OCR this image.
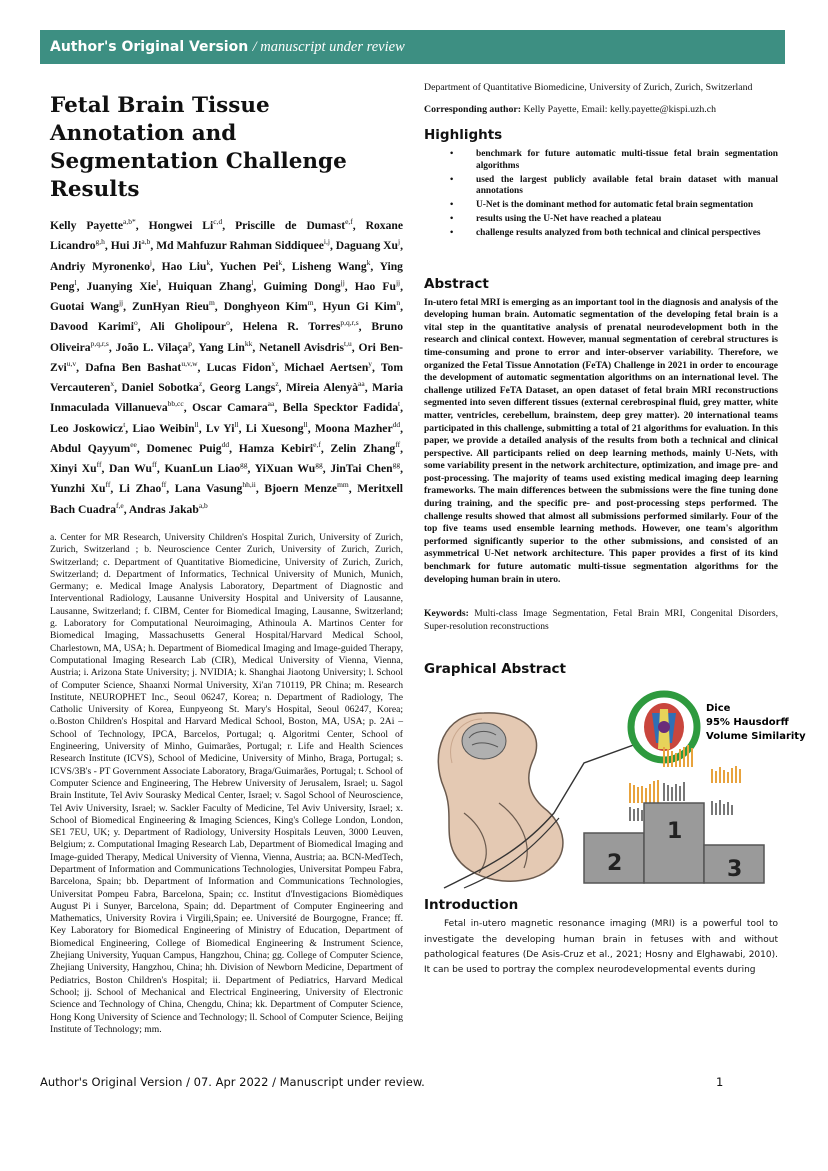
Author's Original Version / manuscript under review
Fetal Brain Tissue Annotation and Segmentation Challenge Results

Kelly Payette$^{a,b*}$, Hongwei Li$^{c,d}$, Priscille de Dumast$^{e,f}$, Roxane Licandro$^{g,h}$, Hui Ji$^{a,b}$, Md Mahfuzur Rahman Siddiquee$^{i,j}$, Daguang Xu$^j$, Andriy Myronenko$^j$, Hao Liu$^k$, Yuchen Pei$^k$, Lisheng Wang$^k$, Ying Peng$^l$, Juanying Xie$^l$, Huiquan Zhang$^l$, Guiming Dong$^{jj}$, Hao $Fu^{jj}$, Guotai Wang$^{jj}$, ZunHyan Rieu$^m$, Donghyeon Kim$^m$, Hyun Gi Kim$^n$, Davood Karimi$^o$, Ali Gholipour$^o$, Helena R. Torres$^{p,q,r,s}$, Bruno Oliveira$^{p,q,r,s}$, João L. Vilaça$^p$, Yang Lin$^{kk}$, Netanell Avisdris$^{t,u}$, Ori Ben-Zvi$^{u,v}$, Dafna Ben Bashat$^{u,v,w}$, Lucas Fidon$^x$, Michael Aertsen$^y$, Tom Vercauteren$^x$, Daniel Sobotka$^z$, Georg Langs$^z$, Mireia Alenyà$^{aa}$, Maria Inmaculada Villanueva$^{bb,cc}$, Oscar Camara$^{aa}$, Bella Specktor Fadida$^t$, Leo Joskowicz$^t$, Liao Weibin$^{ll}$, Lv $Yi^{ll}$, Li Xuesong$^{ll}$, Moona Mazher$^{dd}$, Abdul Qayyum$^{ee}$, Domenec Puig$^{dd}$, Hamza Kebiri$^{e,f}$, Zelin Zhang$^{ff}$, Xinyi $Xu^{ff}$, Dan $Wu^{ff}$, KuanLun Liao$^{gg}$, YiXuan $Wu^{gg}$, JinTai Chen$^{gg}$, Yunzhi $Xu^{ff}$, Li Zhao$^{ff}$, Lana Vasung$^{hh,ii}$, Bjoern Menze$^{mm}$, Meritxell Bach Cuadra$^{f,e}$, Andras Jakab$^{a,b}$

a. Center for MR Research, University Children's Hospital Zurich, University of Zurich, Zurich, Switzerland ; b. Neuroscience Center Zurich, University of Zurich, Zurich, Switzerland; c. Department of Quantitative Biomedicine, University of Zurich, Zurich, Switzerland; d. Department of Informatics, Technical University of Munich, Munich, Germany; e. Medical Image Analysis Laboratory, Department of Diagnostic and Interventional Radiology, Lausanne University Hospital and University of Lausanne, Lausanne, Switzerland; f. CIBM, Center for Biomedical Imaging, Lausanne, Switzerland; g. Laboratory for Computational Neuroimaging, Athinoula A. Martinos Center for Biomedical Imaging, Massachusetts General Hospital/Harvard Medical School, Charlestown, MA, USA; h. Department of Biomedical Imaging and Image-guided Therapy, Computational Imaging Research Lab (CIR), Medical University of Vienna, Vienna, Austria; i. Arizona State University; j. NVIDIA; k. Shanghai Jiaotong University; l. School of Computer Science, Shaanxi Normal University, Xi'an 710119, PR China; m. Research Institute, NEUROPHET Inc., Seoul 06247, Korea; n. Department of Radiology, The Catholic University of Korea, Eunpyeong St. Mary's Hospital, Seoul 06247, Korea; o.Boston Children's Hospital and Harvard Medical School, Boston, MA, USA; p. 2Ai – School of Technology, IPCA, Barcelos, Portugal; q. Algoritmi Center, School of Engineering, University of Minho, Guimarães, Portugal; r. Life and Health Sciences Research Institute (ICVS), School of Medicine, University of Minho, Braga, Portugal; s. ICVS/3B's - PT Government Associate Laboratory, Braga/Guimarães, Portugal; t. School of Computer Science and Engineering, The Hebrew University of Jerusalem, Israel; u. Sagol Brain Institute, Tel Aviv Sourasky Medical Center, Israel; v. Sagol School of Neuroscience, Tel Aviv University, Israel; w. Sackler Faculty of Medicine, Tel Aviv University, Israel; x. School of Biomedical Engineering & Imaging Sciences, King's College London, London, SE1 7EU, UK; y. Department of Radiology, University Hospitals Leuven, 3000 Leuven, Belgium; z. Computational Imaging Research Lab, Department of Biomedical Imaging and Image-guided Therapy, Medical University of Vienna, Vienna, Austria; aa. BCN-MedTech, Department of Information and Communications Technologies, Universitat Pompeu Fabra, Barcelona, Spain; bb. Department of Information and Communications Technologies, Universitat Pompeu Fabra, Barcelona, Spain; cc. Institut d'Investigacions Biomèdiques August Pi i Sunyer, Barcelona, Spain; dd. Department of Computer Engineering and Mathematics, University Rovira i Virgili,Spain; ee. Université de Bourgogne, France; ff. Key Laboratory for Biomedical Engineering of Ministry of Education, Department of Biomedical Engineering, College of Biomedical Engineering & Instrument Science, Zhejiang University, Yuquan Campus, Hangzhou, China; gg. College of Computer Science, Zhejiang University, Hangzhou, China; hh. Division of Newborn Medicine, Department of Pediatrics, Boston Children's Hospital; ii. Department of Pediatrics, Harvard Medical School; jj. School of Mechanical and Electrical Engineering, University of Electronic Science and Technology of China, Chengdu, China; kk. Department of Computer Science, Hong Kong University of Science and Technology; ll. School of Computer Science, Beijing Institute of Technology; mm.

Department of Quantitative Biomedicine, University of Zurich, Zurich, Switzerland

Corresponding author: Kelly Payette, Email: kelly.payette@kispi.uzh.ch

Highlights
• benchmark for future automatic multi-tissue fetal brain segmentation algorithms
• used the largest publicly available fetal brain dataset with manual annotations
• U-Net is the dominant method for automatic fetal brain segmentation
• results using the U-Net have reached a plateau
• challenge results analyzed from both technical and clinical perspectives
Abstract

In-utero fetal MRI is emerging as an important tool in the diagnosis and analysis of the developing human brain. Automatic segmentation of the developing fetal brain is a vital step in the quantitative analysis of prenatal neurodevelopment both in the research and clinical context. However, manual segmentation of cerebral structures is time-consuming and prone to error and inter-observer variability. Therefore, we organized the Fetal Tissue Annotation (FeTA) Challenge in 2021 in order to encourage the development of automatic segmentation algorithms on an international level. The challenge utilized FeTA Dataset, an open dataset of fetal brain MRI reconstructions segmented into seven different tissues (external cerebrospinal fluid, grey matter, white matter, ventricles, cerebellum, brainstem, deep grey matter). 20 international teams participated in this challenge, submitting a total of 21 algorithms for evaluation. In this paper, we provide a detailed analysis of the results from both a technical and clinical perspective. All participants relied on deep learning methods, mainly U-Nets, with some variability present in the network architecture, optimization, and image pre- and post-processing. The majority of teams used existing medical imaging deep learning frameworks. The main differences between the submissions were the fine tuning done during training, and the specific pre- and post-processing steps performed. The challenge results showed that almost all submissions performed similarly. Four of the top five teams used ensemble learning methods. However, one team's algorithm performed significantly superior to the other submissions, and consisted of an asymmetrical U-Net network architecture. This paper provides a first of its kind benchmark for future automatic multi-tissue segmentation algorithms for the developing human brain in utero.

Keywords: Multi-class Image Segmentation, Fetal Brain MRI, Congenital Disorders, Super-resolution reconstructions

Graphical Abstract
Dice
95% Hausdorff
Volume Similarity
2
1
3
Introduction

Fetal in-utero magnetic resonance imaging (MRI) is a powerful tool to investigate the developing human brain in fetuses with and without pathological features (De Asis-Cruz et al., 2021; Hosny and Elghawabi, 2010). It can be used to portray the complex neurodevelopmental events during

Author's Original Version / 07. Apr 2022 / Manuscript under review.	1
